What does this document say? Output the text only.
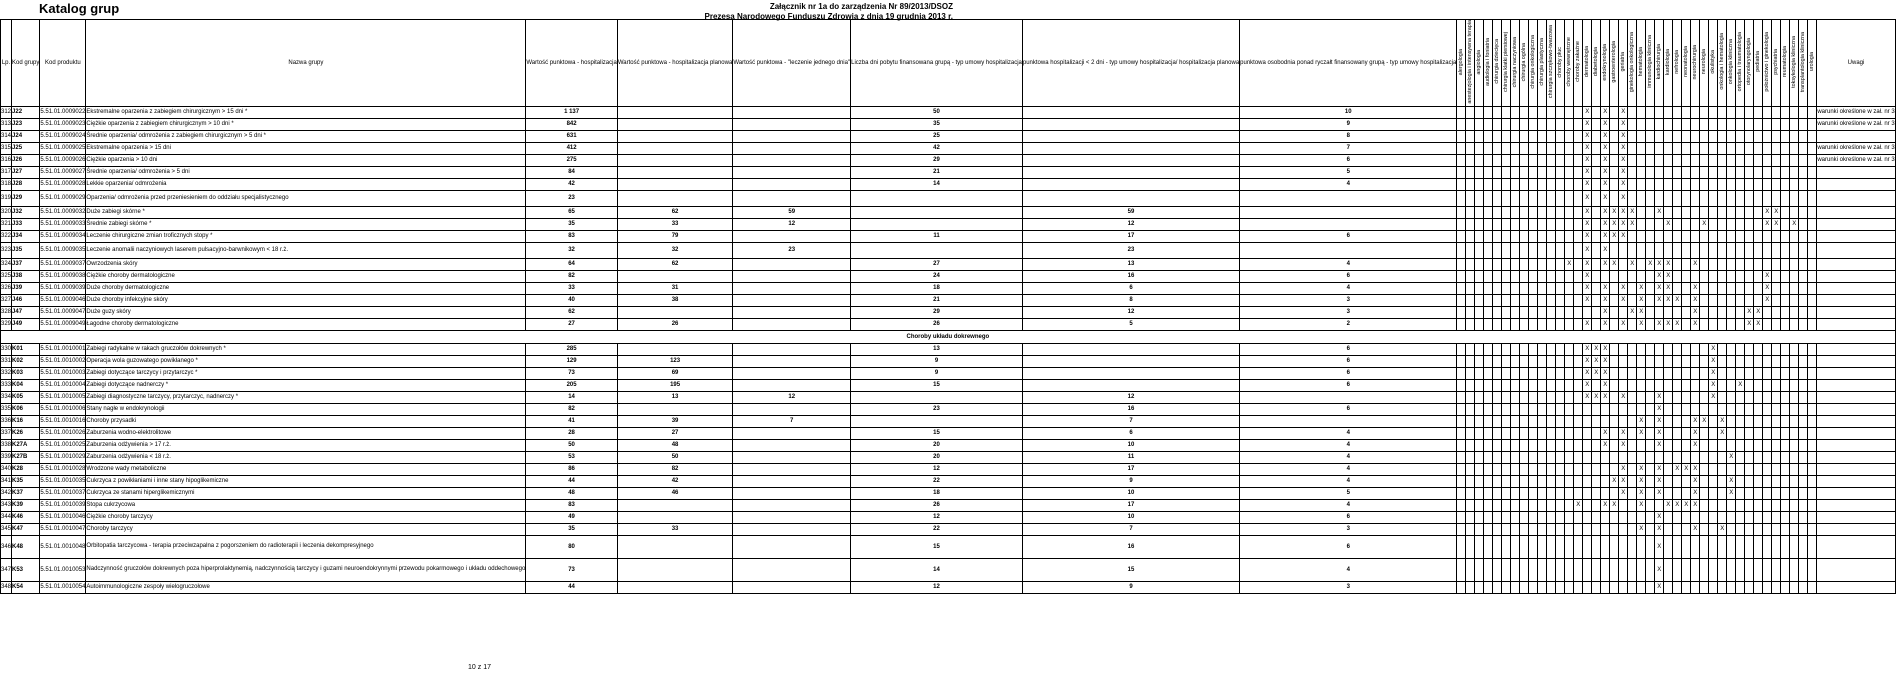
Katalog grup	Załącznik nr 1a do zarządzenia Nr 89/2013/DSOZ
Prezesa Narodowego Funduszu Zdrowia z dnia 19 grudnia 2013 r.
Lp.	Kod grupy	Kod produktu	Nazwa grupy	Wartość punktowa - hospitalizacja	Wartość punktowa - hospitalizacja planowa	Wartość punktowa - "leczenie jednego dnia"	Liczba dni pobytu finansowana grupą - typ umowy hospitalizacja	punktowa hospitalizacji < 2 dni - typ umowy hospitalizacja/ hospitalizacja planowa	punktowa osobodnia ponad ryczałt finansowany grupą - typ umowy hospitalizacja	alergologia	anestezjologia i intensywna terapia	angiologia	audiologia i foniatria	chirurgia dziecięca	chirurgia klatki piersiowej	chirurgia naczyniowa	chirurgia ogólna	chirurgia onkologiczna	chirurgia plastyczna	chirurgia szczękowo-twarzowa	choroby płuc	choroby wewnętrzne	choroby zakaźne	dermatologia	diabetologia	endokrynologia	gastroenterologia	geriatria	ginekologia onkologiczna	hematologia	immunologia kliniczna	kardiochirurgia	kardiologia	nefrologia	neonatologia	neurochirurgia	neurologia	okulistyka	onkologia i hematologia	onkologia kliniczna	ortopedia i traumatologia	otorynolaryngologia	pediatria	położnictwo i ginekologia	psychiatria	reumatologia	toksykologia kliniczna	transplantologia kliniczna	urologia	Uwagi
312	J22	5.51.01.0009022	Ekstremalne oparzenia z zabiegiem chirurgicznym > 15 dni *	1 137			50		10															X		X		X																						warunki określone w zał. nr 3
313	J23	5.51.01.0009023	Ciężkie oparzenia z zabiegiem chirurgicznym > 10 dni *	842			35		9															X		X		X																						warunki określone w zał. nr 3
314	J24	5.51.01.0009024	Średnie oparzenia/ odmrożenia z zabiegiem chirurgicznym > 5 dni *	631			25		8															X		X		X																						
315	J25	5.51.01.0009025	Ekstremalne oparzenia > 15 dni	412			42		7															X		X		X																						warunki określone w zał. nr 3
316	J26	5.51.01.0009026	Ciężkie oparzenia > 10 dni	275			29		6															X		X		X																						warunki określone w zał. nr 3
317	J27	5.51.01.0009027	Średnie oparzenia/ odmrożenia > 5 dni	84			21		5															X		X		X																						
318	J28	5.51.01.0009028	Lekkie oparzenia/ odmrożenia	42			14		4															X		X		X																						
319	J29	5.51.01.0009029	Oparzenia/ odmrożenia przed przeniesieniem do oddziału specjalistycznego	23																				X		X		X																						
320	J32	5.51.01.0009032	Duże zabiegi skórne *	65	62	59		59																X		X	X	X	X			X												X	X					
321	J33	5.51.01.0009033	Średnie zabiegi skórne *	35	33	12		12																X		X	X	X	X				X				X							X	X		X			
322	J34	5.51.01.0009034	Leczenie chirurgiczne zmian troficznych stopy *	83	79		11	17	6															X		X	X	X																						
323	J35	5.51.01.0009035	Leczenie anomalii naczyniowych laserem pulsacyjno-barwnikowym < 18 r.ż.	32	32	23		23																X		X																								
324	J37	5.51.01.0009037	Owrzodzenia skóry	64	62		27	13	4													X		X		X	X		X		X	X	X			X														
325	J38	5.51.01.0009038	Ciężkie choroby dermatologiczne	82			24	16	6															X								X	X											X						
326	J39	5.51.01.0009039	Duże choroby dermatologiczne	33	31		18	6	4															X		X		X		X		X	X			X								X						
327	J46	5.51.01.0009046	Duże choroby infekcyjne skóry	40	38		21	8	3															X		X		X		X		X	X	X		X								X						
328	J47	5.51.01.0009047	Duże guzy skóry	62			29	12	3																	X			X	X						X						X	X							
329	J49	5.51.01.0009049	Łagodne choroby dermatologiczne	27	26		26	5	2															X		X		X		X		X	X	X		X						X	X							
Choroby układu dokrewnego																																																		
330	K01	5.51.01.0010001	Zabiegi radykalne w rakach gruczołów dokrewnych *	285			13		6															X	X	X												X												
331	K02	5.51.01.0010002	Operacja wola guzowatego powikłanego *	129	123		9		6															X	X	X												X												
332	K03	5.51.01.0010003	Zabiegi dotyczące tarczycy i przytarczyc *	73	69		9		6															X	X	X												X												
333	K04	5.51.01.0010004	Zabiegi dotyczące nadnerczy *	205	195		15		6															X		X												X			X									
334	K05	5.51.01.0010005	Zabiegi diagnostyczne tarczycy, przytarczyc, nadnerczy *	14	13	12		12																X	X	X		X				X						X												
335	K06	5.51.01.0010006	Stany nagłe w endokrynologii	82			23	16	6																							X																		
336	K16	5.51.01.0010016	Choroby przysadki	41	39	7		7																						X		X				X	X		X											
337	K26	5.51.01.0010026	Zaburzenia wodno-elektrolitowe	28	27		15	6	4																	X		X		X		X				X			X											
338	K27A	5.51.01.0010025	Zaburzenia odżywienia > 17 r.ż.	50	48		20	10	4																	X		X				X				X														
339	K27B	5.51.01.0010029	Zaburzenia odżywienia < 18 r.ż.	53	50		20	11	4																															X										
340	K28	5.51.01.0010028	Wrodzone wady metaboliczne	86	82		12	17	4																			X		X		X		X	X	X														
341	K35	5.51.01.0010035	Cukrzyca z powikłaniami i inne stany hipoglikemiczne	44	42		22	9	4																		X	X		X		X				X				X										
342	K37	5.51.01.0010037	Cukrzyca ze stanami hiperglikemicznymi	48	46		18	10	5																			X		X		X				X				X										
343	K39	5.51.01.0010039	Stopa cukrzycowa	83			26	17	4														X			X	X			X			X	X	X	X														
344	K46	5.51.01.0010046	Ciężkie choroby tarczycy	49			12	10	6																							X																		
345	K47	5.51.01.0010047	Choroby tarczycy	35	33		22	7	3																					X		X				X			X											
346	K48	5.51.01.0010048	Orbitopatia tarczycowa - terapia przeciwzapalna z pogorszeniem do radioterapii i leczenia dekompresyjnego	80			15	16	6																							X																		
347	K53	5.51.01.0010053	Nadczynność gruczołów dokrewnych poza hiperprolaktynemią, nadczynnością tarczycy i guzami neuroendokrynnymi przewodu pokarmowego i układu oddechowego	73			14	15	4																							X																		
348	K54	5.51.01.0010054	Autoimmunologiczne zespoły wielogruczołowe	44			12	9	3																							X																		
10 z 17
